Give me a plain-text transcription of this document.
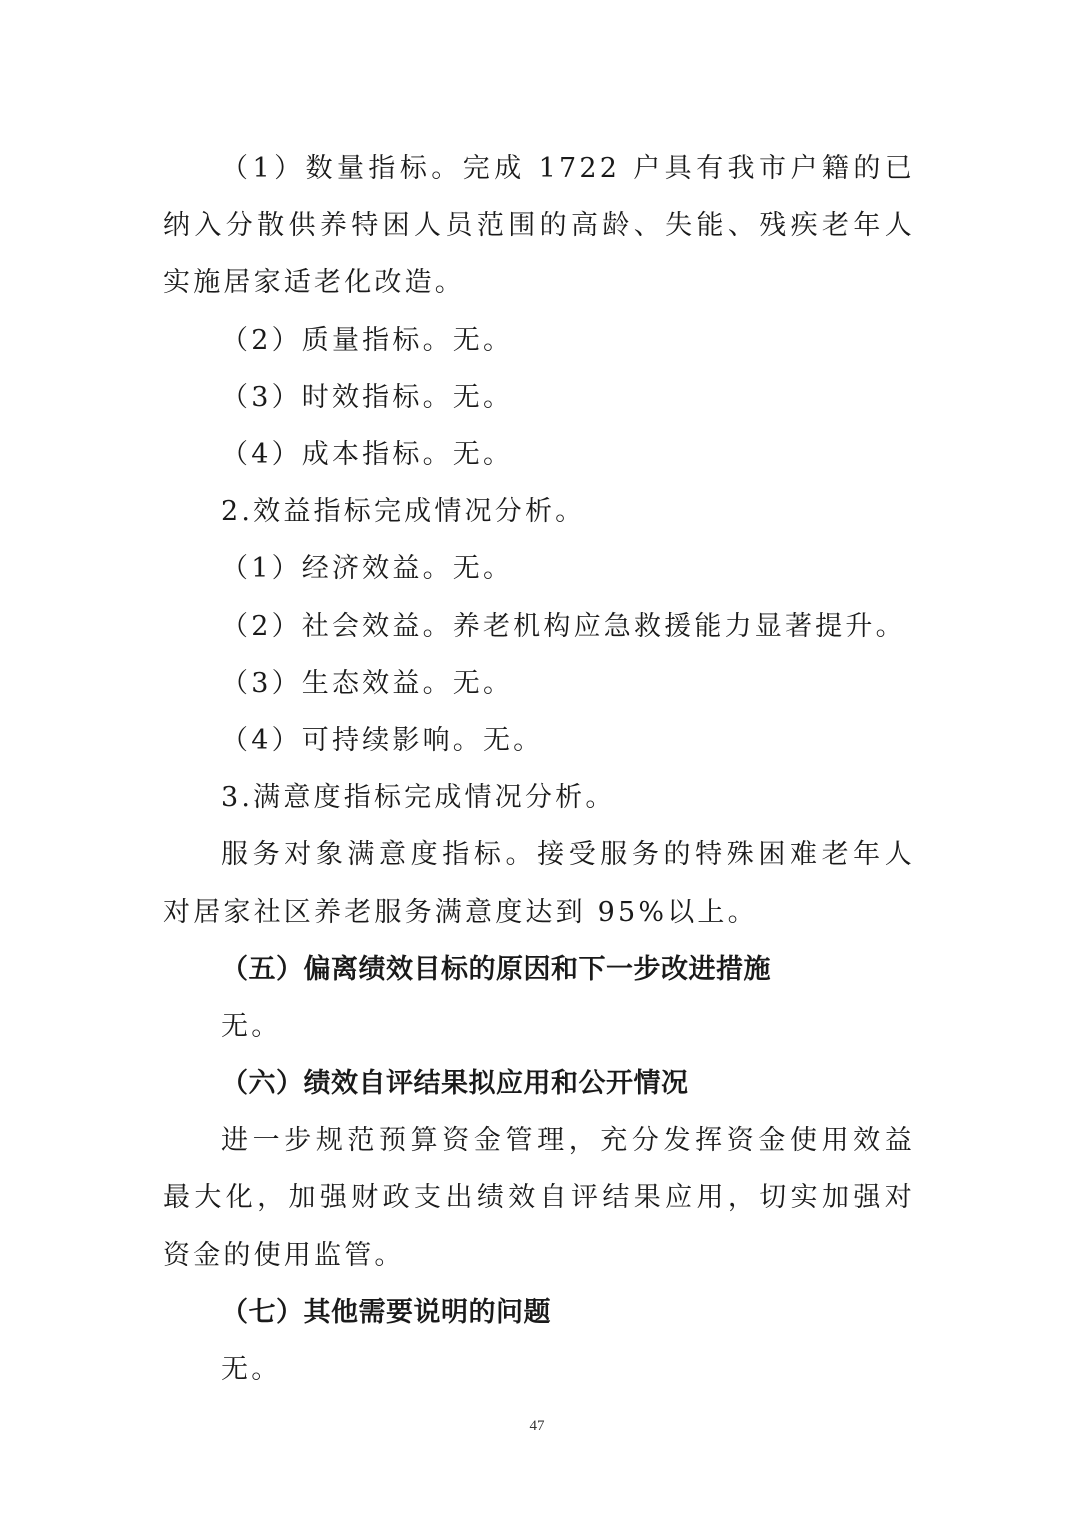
（1）数量指标。完成 1722 户具有我市户籍的已纳入分散供养特困人员范围的高龄、失能、残疾老年人实施居家适老化改造。
（2）质量指标。无。
（3）时效指标。无。
（4）成本指标。无。
2.效益指标完成情况分析。
（1）经济效益。无。
（2）社会效益。养老机构应急救援能力显著提升。
（3）生态效益。无。
（4）可持续影响。无。
3.满意度指标完成情况分析。
服务对象满意度指标。接受服务的特殊困难老年人对居家社区养老服务满意度达到 95%以上。
（五）偏离绩效目标的原因和下一步改进措施
无。
（六）绩效自评结果拟应用和公开情况
进一步规范预算资金管理，充分发挥资金使用效益最大化，加强财政支出绩效自评结果应用，切实加强对资金的使用监管。
（七）其他需要说明的问题
无。
47
